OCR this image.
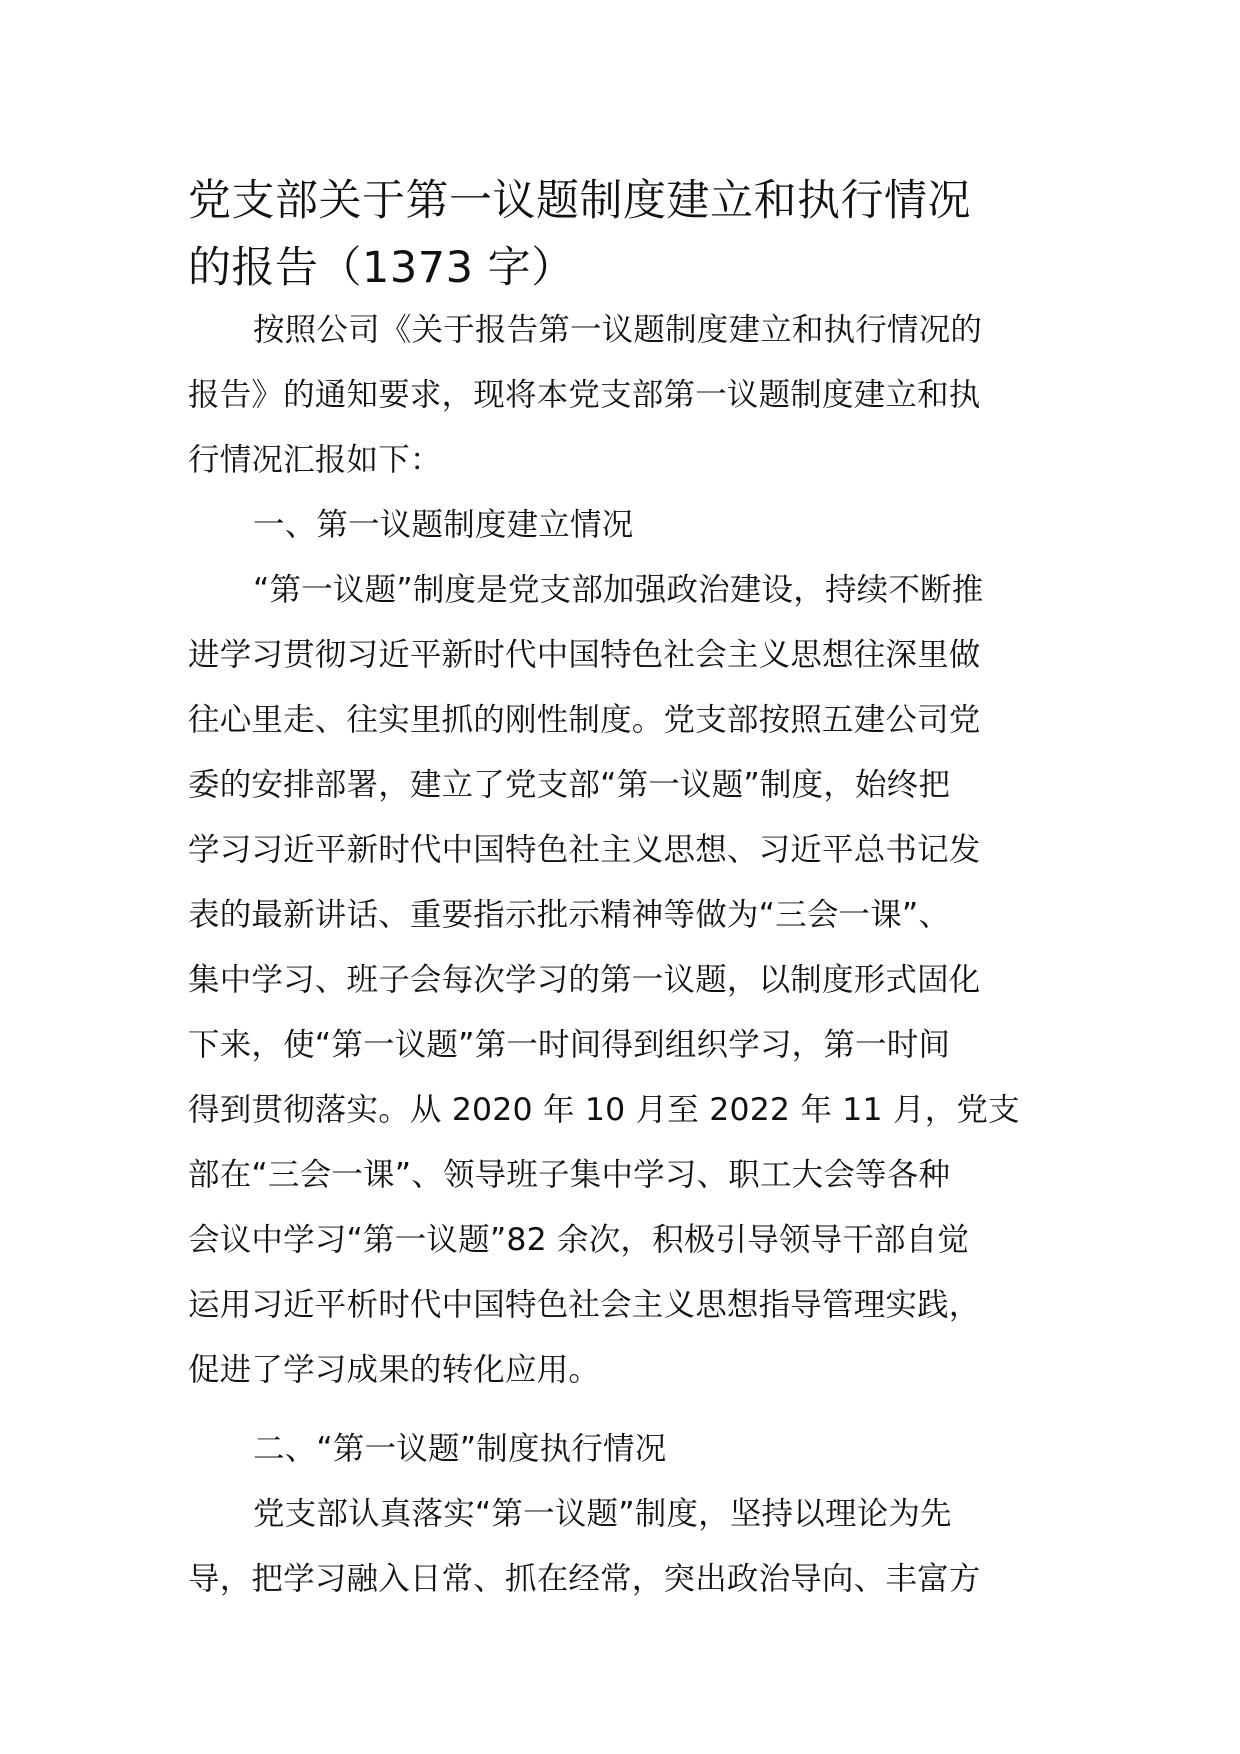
党支部关于第一议题制度建立和执行情况
的报告（1373 字）
按照公司《关于报告第一议题制度建立和执行情况的
报告》的通知要求，现将本党支部第一议题制度建立和执
行情况汇报如下：
一、第一议题制度建立情况
“第一议题”制度是党支部加强政治建设，持续不断推
进学习贯彻习近平新时代中国特色社会主义思想往深里做
往心里走、往实里抓的刚性制度。党支部按照五建公司党
委的安排部署，建立了党支部“第一议题”制度，始终把
学习习近平新时代中国特色社主义思想、习近平总书记发
表的最新讲话、重要指示批示精神等做为“三会一课”、
集中学习、班子会每次学习的第一议题，以制度形式固化
下来，使“第一议题”第一时间得到组织学习，第一时间
得到贯彻落实。从 2020 年 10 月至 2022 年 11 月，党支
部在“三会一课”、领导班子集中学习、职工大会等各种
会议中学习“第一议题”82 余次，积极引导领导干部自觉
运用习近平析时代中国特色社会主义思想指导管理实践，
促进了学习成果的转化应用。
二、“第一议题”制度执行情况
党支部认真落实“第一议题”制度，坚持以理论为先
导，把学习融入日常、抓在经常，突出政治导向、丰富方
